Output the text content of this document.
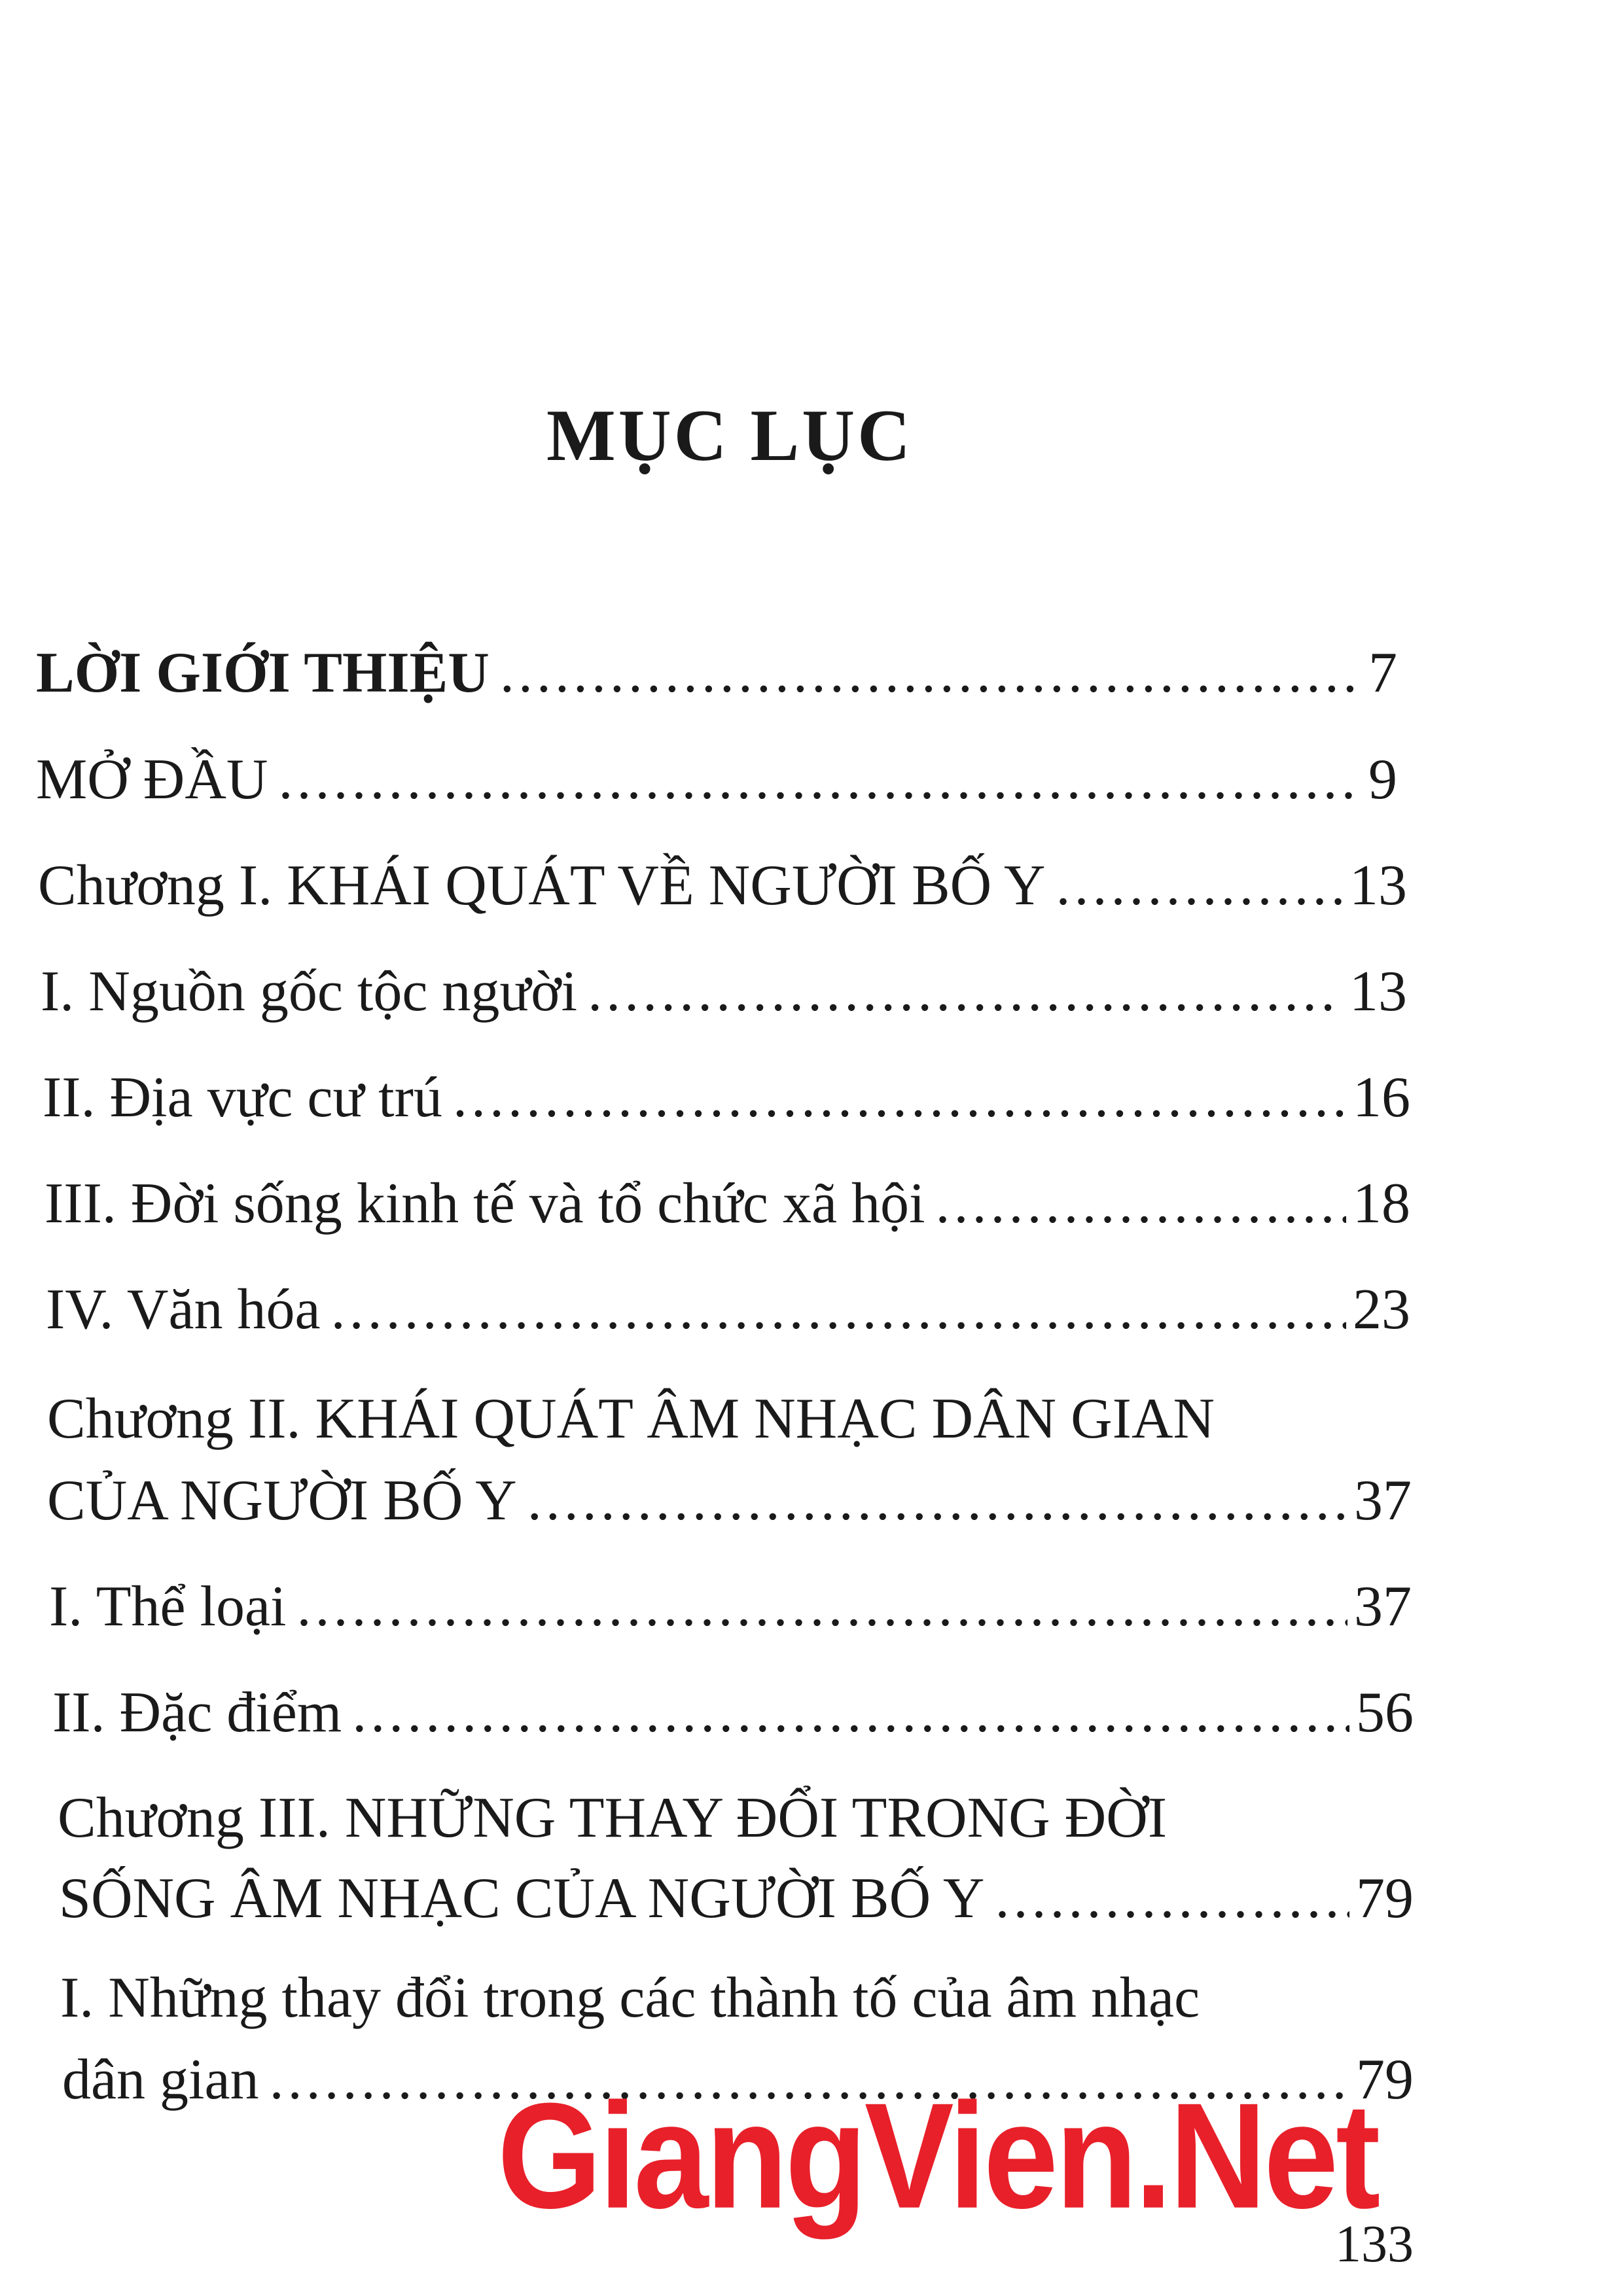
MỤC LỤC
LỜI GIỚI THIỆU .....	7
MỞ ĐẦU .....	9
Chương I. KHÁI QUÁT VỀ NGƯỜI BỐ Y .....	13
I. Nguồn gốc tộc người .....	13
II. Địa vực cư trú .....	16
III. Đời sống kinh tế và tổ chức xã hội .....	18
IV. Văn hóa .....	23
Chương II. KHÁI QUÁT ÂM NHẠC DÂN GIAN
CỦA NGƯỜI BỐ Y .....	37
I. Thể loại .....	37
II. Đặc điểm .....	56
Chương III. NHỮNG THAY ĐỔI TRONG ĐỜI
SỐNG ÂM NHẠC CỦA NGƯỜI BỐ Y .....	79
I. Những thay đổi trong các thành tố của âm nhạc
dân gian .....	79
GiangVien.Net
133
